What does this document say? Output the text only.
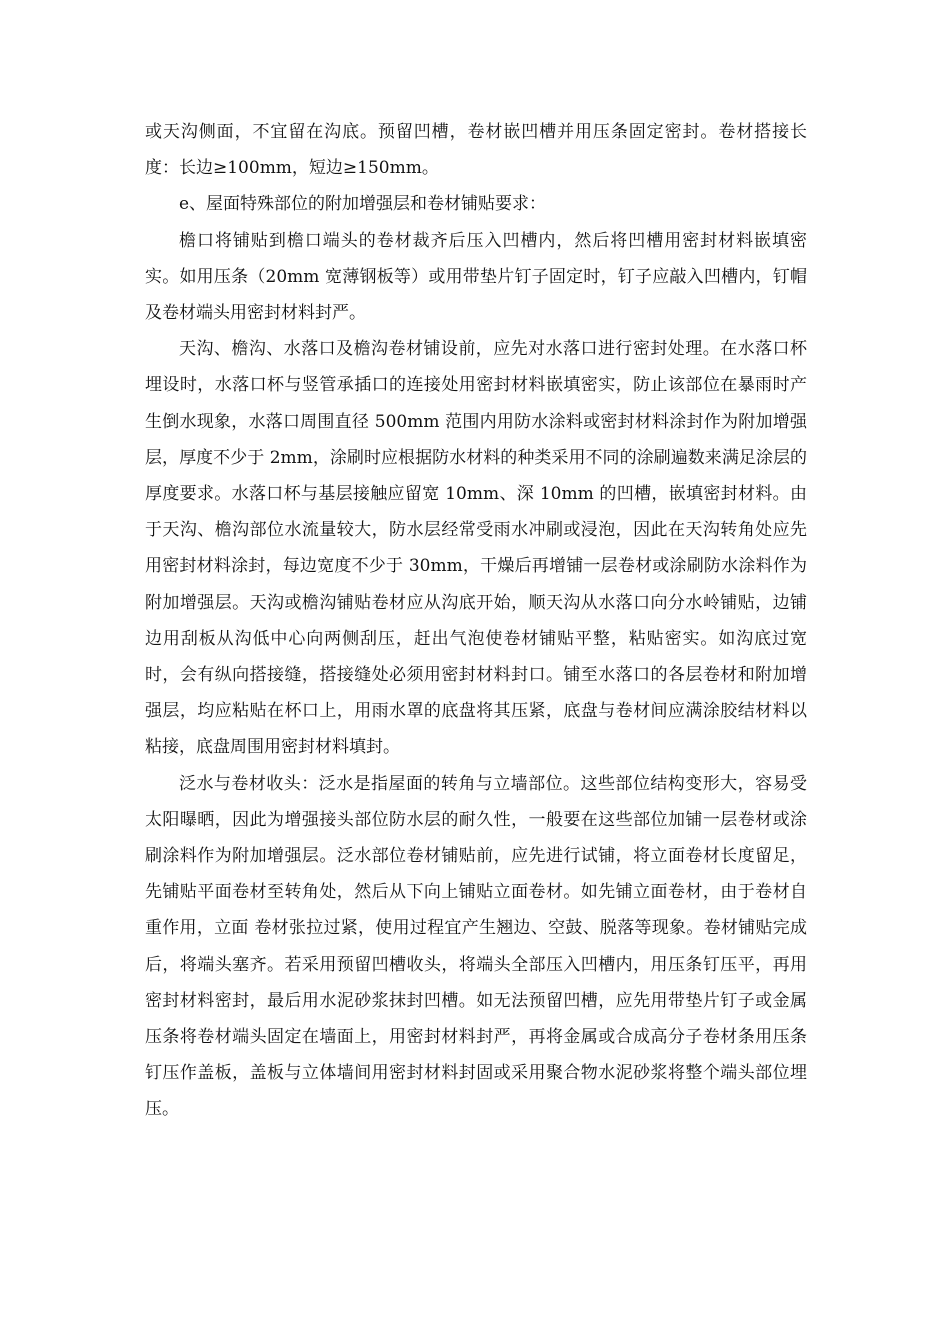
或天沟侧面，不宜留在沟底。预留凹槽，卷材嵌凹槽并用压条固定密封。卷材搭接长度：长边≥100mm，短边≥150mm。

e、屋面特殊部位的附加增强层和卷材铺贴要求：

檐口将铺贴到檐口端头的卷材裁齐后压入凹槽内，然后将凹槽用密封材料嵌填密实。如用压条（20mm 宽薄钢板等）或用带垫片钉子固定时，钉子应敲入凹槽内，钉帽及卷材端头用密封材料封严。

天沟、檐沟、水落口及檐沟卷材铺设前，应先对水落口进行密封处理。在水落口杯埋设时，水落口杯与竖管承插口的连接处用密封材料嵌填密实，防止该部位在暴雨时产生倒水现象，水落口周围直径 500mm 范围内用防水涂料或密封材料涂封作为附加增强层，厚度不少于 2mm，涂刷时应根据防水材料的种类采用不同的涂刷遍数来满足涂层的厚度要求。水落口杯与基层接触应留宽 10mm、深 10mm 的凹槽，嵌填密封材料。由于天沟、檐沟部位水流量较大，防水层经常受雨水冲刷或浸泡，因此在天沟转角处应先用密封材料涂封，每边宽度不少于 30mm，干燥后再增铺一层卷材或涂刷防水涂料作为附加增强层。天沟或檐沟铺贴卷材应从沟底开始，顺天沟从水落口向分水岭铺贴，边铺边用刮板从沟低中心向两侧刮压，赶出气泡使卷材铺贴平整，粘贴密实。如沟底过宽时，会有纵向搭接缝，搭接缝处必须用密封材料封口。铺至水落口的各层卷材和附加增强层，均应粘贴在杯口上，用雨水罩的底盘将其压紧，底盘与卷材间应满涂胶结材料以粘接，底盘周围用密封材料填封。

泛水与卷材收头：泛水是指屋面的转角与立墙部位。这些部位结构变形大，容易受太阳曝晒，因此为增强接头部位防水层的耐久性，一般要在这些部位加铺一层卷材或涂刷涂料作为附加增强层。泛水部位卷材铺贴前，应先进行试铺，将立面卷材长度留足，先铺贴平面卷材至转角处，然后从下向上铺贴立面卷材。如先铺立面卷材，由于卷材自重作用，立面 卷材张拉过紧，使用过程宜产生翘边、空鼓、脱落等现象。卷材铺贴完成后，将端头塞齐。若采用预留凹槽收头，将端头全部压入凹槽内，用压条钉压平，再用密封材料密封，最后用水泥砂浆抹封凹槽。如无法预留凹槽，应先用带垫片钉子或金属压条将卷材端头固定在墙面上，用密封材料封严，再将金属或合成高分子卷材条用压条钉压作盖板，盖板与立体墙间用密封材料封固或采用聚合物水泥砂浆将整个端头部位埋压。
